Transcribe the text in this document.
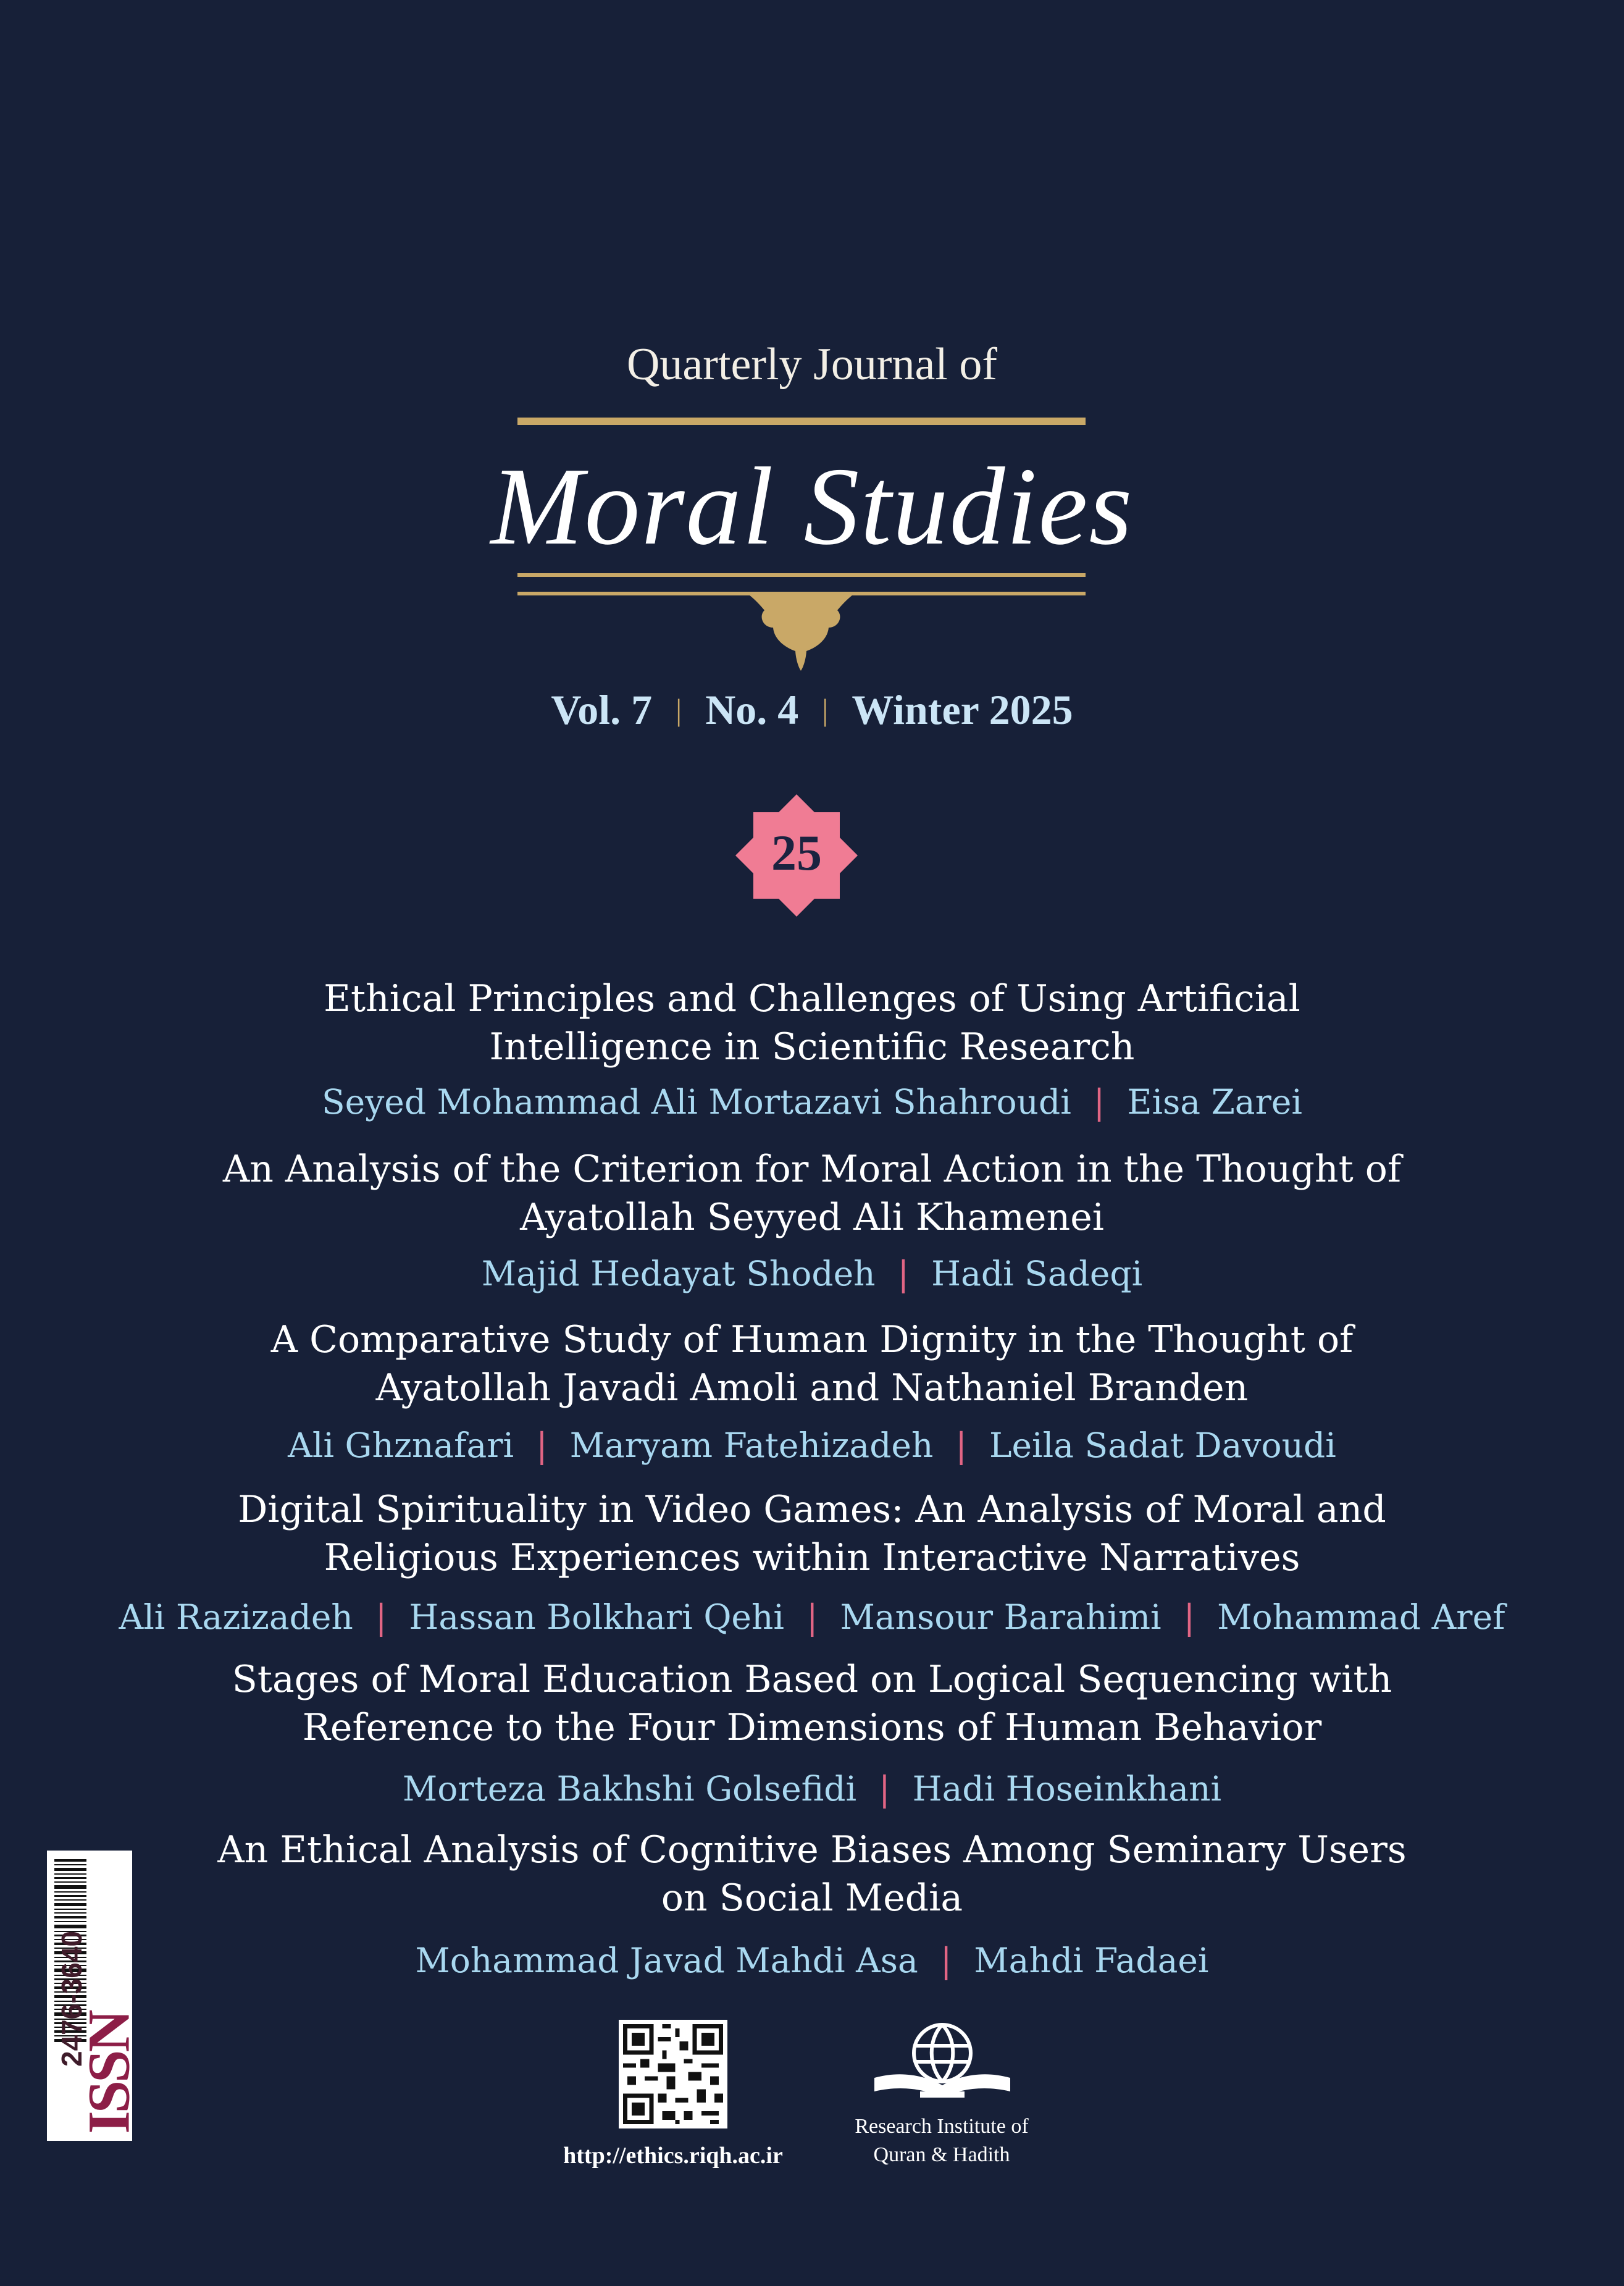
Quarterly Journal of
Moral Studies
Vol. 7 | No. 4 | Winter 2025
25
Ethical Principles and Challenges of Using Artificial
Intelligence in Scientific Research
Seyed Mohammad Ali Mortazavi Shahroudi | Eisa Zarei
An Analysis of the Criterion for Moral Action in the Thought of
Ayatollah Seyyed Ali Khamenei
Majid Hedayat Shodeh | Hadi Sadeqi
A Comparative Study of Human Dignity in the Thought of
Ayatollah Javadi Amoli and Nathaniel Branden
Ali Ghznafari | Maryam Fatehizadeh | Leila Sadat Davoudi
Digital Spirituality in Video Games: An Analysis of Moral and
Religious Experiences within Interactive Narratives
Ali Razizadeh | Hassan Bolkhari Qehi | Mansour Barahimi | Mohammad Aref
Stages of Moral Education Based on Logical Sequencing with
Reference to the Four Dimensions of Human Behavior
Morteza Bakhshi Golsefidi | Hadi Hoseinkhani
An Ethical Analysis of Cognitive Biases Among Seminary Users
on Social Media
Mohammad Javad Mahdi Asa | Mahdi Fadaei
http://ethics.riqh.ac.ir
Research Institute of
Quran & Hadith
2476-3640
ISSN
